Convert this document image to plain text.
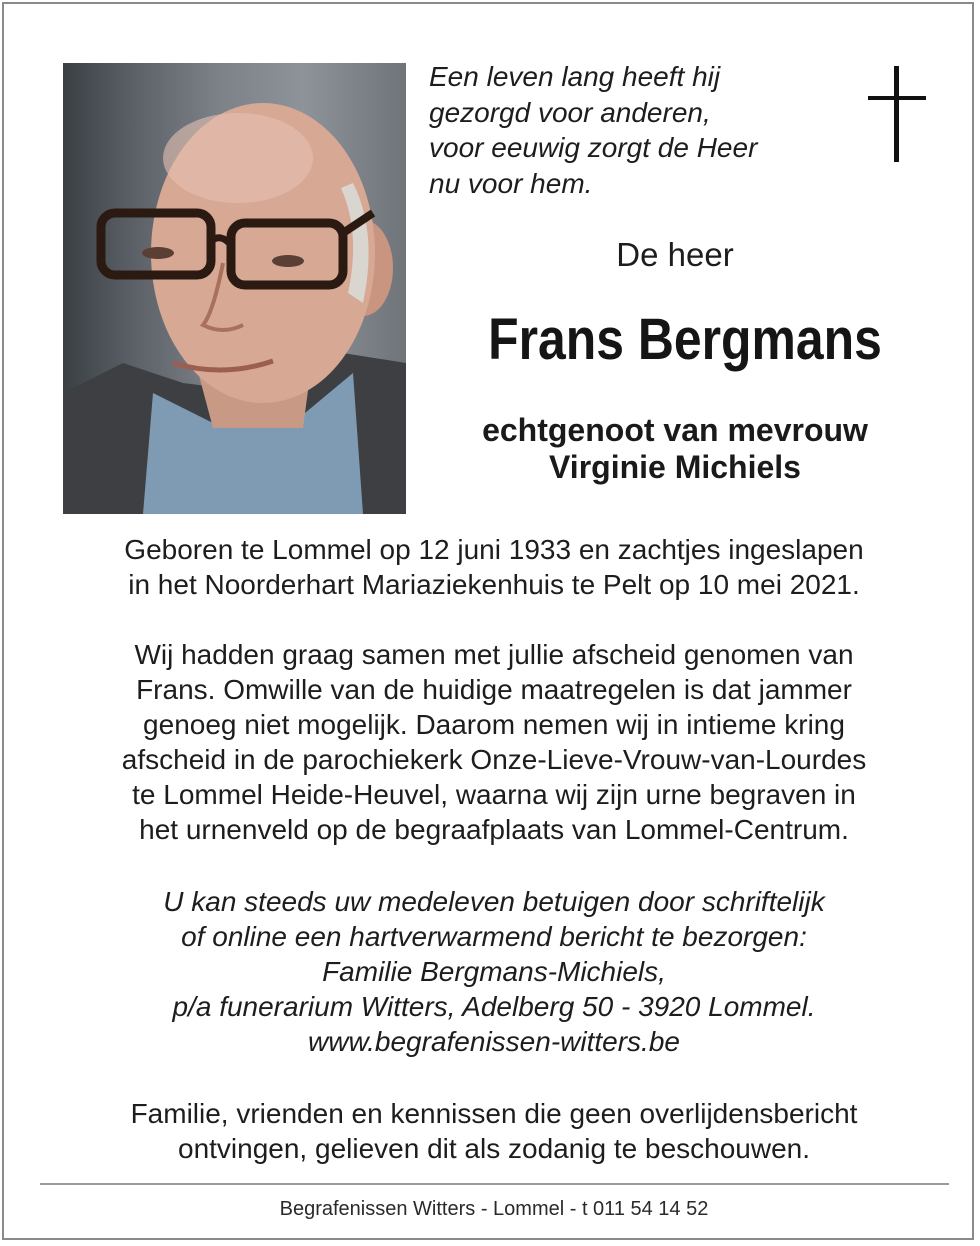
Een leven lang heeft hij
gezorgd voor anderen,
voor eeuwig zorgt de Heer
nu voor hem.

De heer
Frans Bergmans
echtgenoot van mevrouw
Virginie Michiels

Geboren te Lommel op 12 juni 1933 en zachtjes ingeslapen
in het Noorderhart Mariaziekenhuis te Pelt op 10 mei 2021.

Wij hadden graag samen met jullie afscheid genomen van
Frans. Omwille van de huidige maatregelen is dat jammer
genoeg niet mogelijk. Daarom nemen wij in intieme kring
afscheid in de parochiekerk Onze-Lieve-Vrouw-van-Lourdes
te Lommel Heide-Heuvel, waarna wij zijn urne begraven in
het urnenveld op de begraafplaats van Lommel-Centrum.

U kan steeds uw medeleven betuigen door schriftelijk
of online een hartverwarmend bericht te bezorgen:
Familie Bergmans-Michiels,
p/a funerarium Witters, Adelberg 50 - 3920 Lommel.
www.begrafenissen-witters.be

Familie, vrienden en kennissen die geen overlijdensbericht
ontvingen, gelieven dit als zodanig te beschouwen.

Begrafenissen Witters - Lommel - t 011 54 14 52
